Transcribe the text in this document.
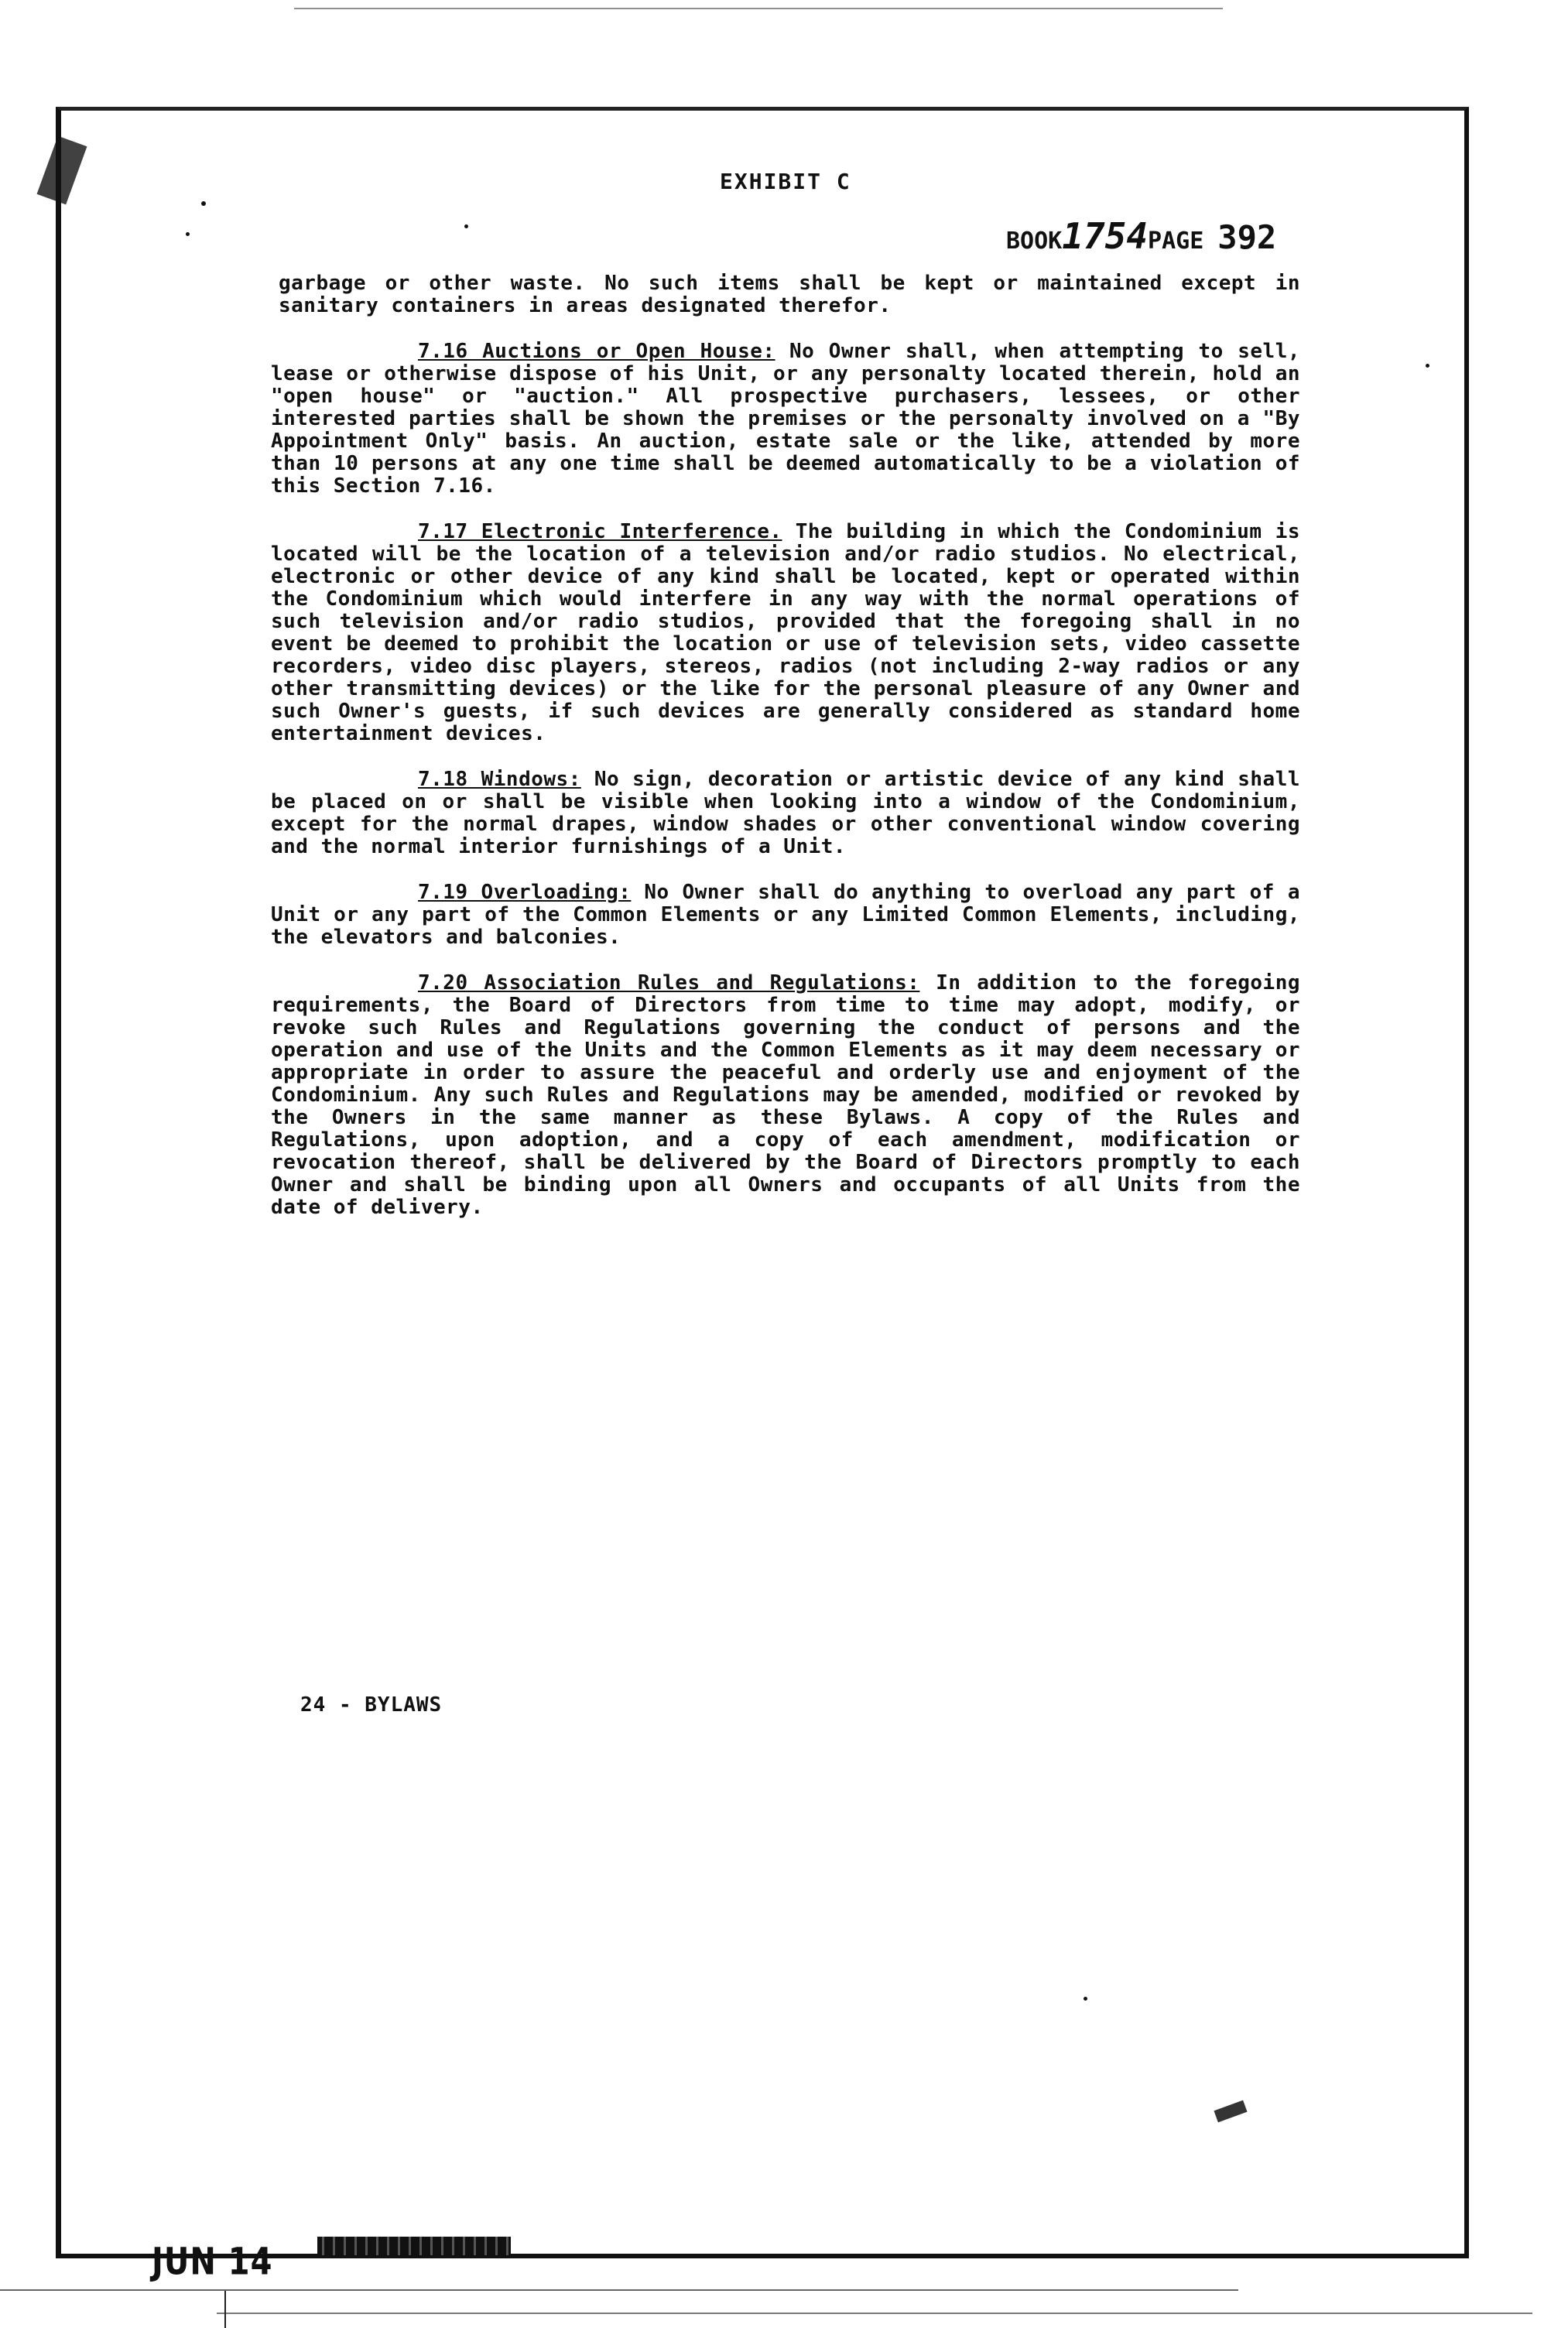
EXHIBIT C
BOOK1754PAGE 392

garbage or other waste. No such items shall be kept or maintained except in sanitary containers in areas designated therefor.

7.16 Auctions or Open House: No Owner shall, when attempting to sell, lease or otherwise dispose of his Unit, or any personalty located therein, hold an "open house" or "auction." All prospective purchasers, lessees, or other interested parties shall be shown the premises or the personalty involved on a "By Appointment Only" basis. An auction, estate sale or the like, attended by more than 10 persons at any one time shall be deemed automatically to be a violation of this Section 7.16.

7.17 Electronic Interference. The building in which the Condominium is located will be the location of a television and/or radio studios. No electrical, electronic or other device of any kind shall be located, kept or operated within the Condominium which would interfere in any way with the normal operations of such television and/or radio studios, provided that the foregoing shall in no event be deemed to prohibit the location or use of television sets, video cassette recorders, video disc players, stereos, radios (not including 2-way radios or any other transmitting devices) or the like for the personal pleasure of any Owner and such Owner's guests, if such devices are generally considered as standard home entertainment devices.

7.18 Windows: No sign, decoration or artistic device of any kind shall be placed on or shall be visible when looking into a window of the Condominium, except for the normal drapes, window shades or other conventional window covering and the normal interior furnishings of a Unit.

7.19 Overloading: No Owner shall do anything to overload any part of a Unit or any part of the Common Elements or any Limited Common Elements, including, the elevators and balconies.

7.20 Association Rules and Regulations: In addition to the foregoing requirements, the Board of Directors from time to time may adopt, modify, or revoke such Rules and Regulations governing the conduct of persons and the operation and use of the Units and the Common Elements as it may deem necessary or appropriate in order to assure the peaceful and orderly use and enjoyment of the Condominium. Any such Rules and Regulations may be amended, modified or revoked by the Owners in the same manner as these Bylaws. A copy of the Rules and Regulations, upon adoption, and a copy of each amendment, modification or revocation thereof, shall be delivered by the Board of Directors promptly to each Owner and shall be binding upon all Owners and occupants of all Units from the date of delivery.

24 - BYLAWS
JUN 14
